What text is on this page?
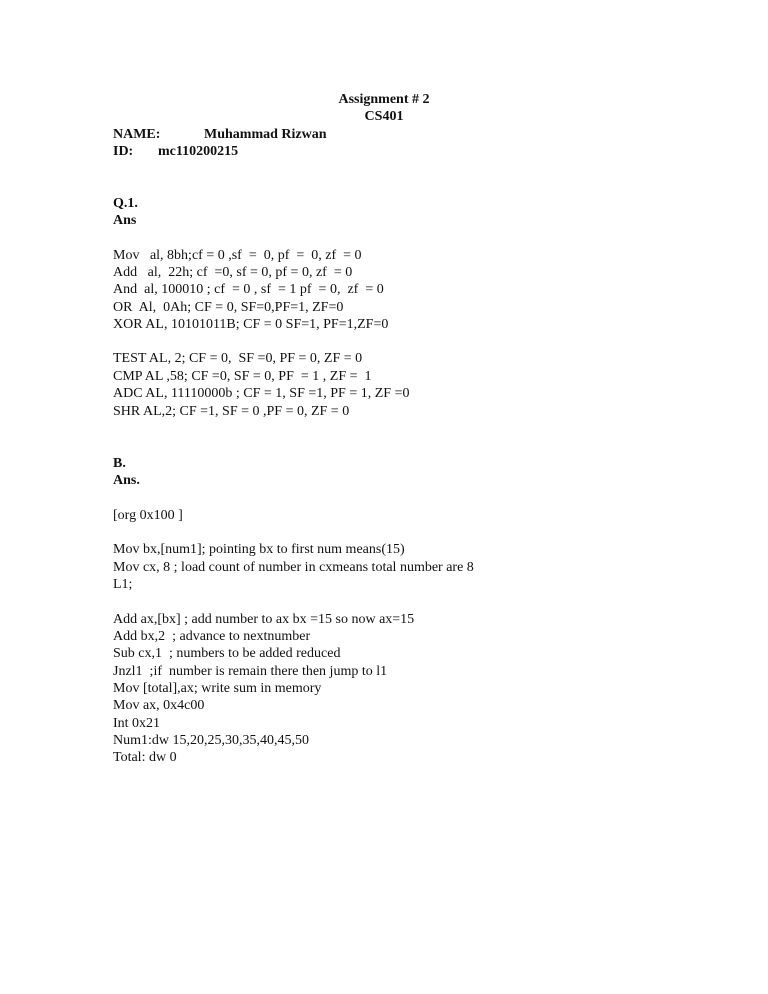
Assignment # 2
CS401
NAME:	Muhammad Rizwan
ID: mc110200215
Q.1.
Ans
Mov   al, 8bh;cf = 0 ,sf  =  0, pf  =  0, zf  = 0
Add   al,  22h; cf  =0, sf = 0, pf = 0, zf  = 0
And  al, 100010 ; cf  = 0 , sf  = 1 pf  = 0,  zf  = 0
OR  Al,  0Ah; CF = 0, SF=0,PF=1, ZF=0
XOR AL, 10101011B; CF = 0 SF=1, PF=1,ZF=0
TEST AL, 2; CF = 0,  SF =0, PF = 0, ZF = 0
CMP AL ,58; CF =0, SF = 0, PF  = 1 , ZF =  1
ADC AL, 11110000b ; CF = 1, SF =1, PF = 1, ZF =0
SHR AL,2; CF =1, SF = 0 ,PF = 0, ZF = 0
B.
Ans.
[org 0x100 ]
Mov bx,[num1]; pointing bx to first num means(15)
Mov cx, 8 ; load count of number in cxmeans total number are 8
L1;
Add ax,[bx] ; add number to ax bx =15 so now ax=15
Add bx,2  ; advance to nextnumber
Sub cx,1  ; numbers to be added reduced
Jnzl1  ;if  number is remain there then jump to l1
Mov [total],ax; write sum in memory
Mov ax, 0x4c00
Int 0x21
Num1:dw 15,20,25,30,35,40,45,50
Total: dw 0
